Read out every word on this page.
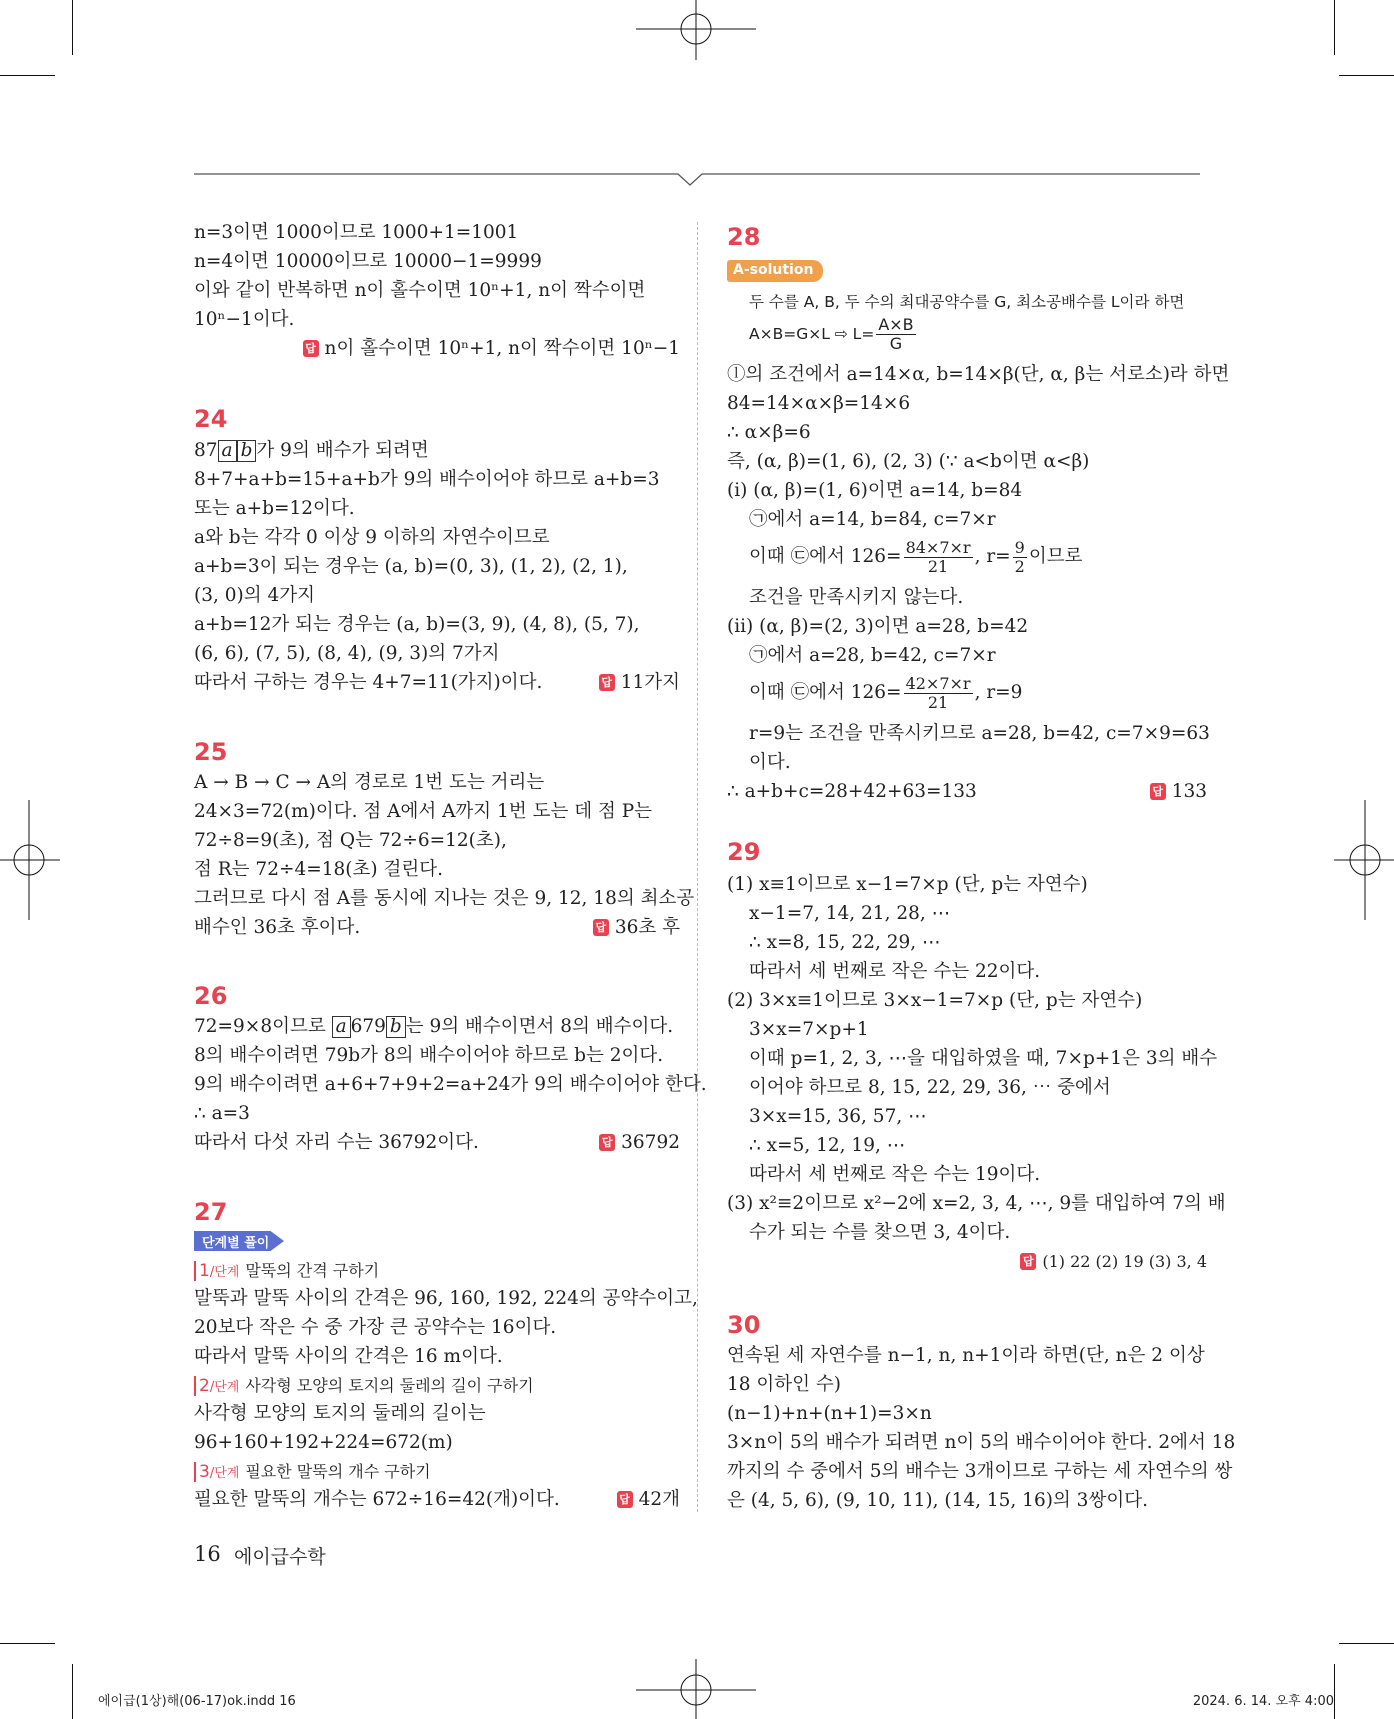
n=3이면 1000이므로 1000+1=1001
n=4이면 10000이므로 10000−1=9999
이와 같이 반복하면 n이 홀수이면 10ⁿ+1, n이 짝수이면
10ⁿ−1이다.
답 n이 홀수이면 10ⁿ+1, n이 짝수이면 10ⁿ−1
24
87 a b 가 9의 배수가 되려면
8+7+a+b=15+a+b가 9의 배수이어야 하므로 a+b=3
또는 a+b=12이다.
a와 b는 각각 0 이상 9 이하의 자연수이므로
a+b=3이 되는 경우는 (a, b)=(0, 3), (1, 2), (2, 1),
(3, 0)의 4가지
a+b=12가 되는 경우는 (a, b)=(3, 9), (4, 8), (5, 7),
(6, 6), (7, 5), (8, 4), (9, 3)의 7가지
따라서 구하는 경우는 4+7=11(가지)이다.	답 11가지
25
A → B → C → A의 경로로 1번 도는 거리는
24×3=72(m)이다. 점 A에서 A까지 1번 도는 데 점 P는
72÷8=9(초), 점 Q는 72÷6=12(초),
점 R는 72÷4=18(초) 걸린다.
그러므로 다시 점 A를 동시에 지나는 것은 9, 12, 18의 최소공
배수인 36초 후이다.	답 36초 후
26
72=9×8이므로 a 679 b 는 9의 배수이면서 8의 배수이다.
8의 배수이려면 79b가 8의 배수이어야 하므로 b는 2이다.
9의 배수이려면 a+6+7+9+2=a+24가 9의 배수이어야 한다.
∴ a=3
따라서 다섯 자리 수는 36792이다.	답 36792
27
단계별 풀이
1/단계 말뚝의 간격 구하기
말뚝과 말뚝 사이의 간격은 96, 160, 192, 224의 공약수이고,
20보다 작은 수 중 가장 큰 공약수는 16이다.
따라서 말뚝 사이의 간격은 16 m이다.
2/단계 사각형 모양의 토지의 둘레의 길이 구하기
사각형 모양의 토지의 둘레의 길이는
96+160+192+224=672(m)
3/단계 필요한 말뚝의 개수 구하기
필요한 말뚝의 개수는 672÷16=42(개)이다.	답 42개
16 에이급수학
28
A-solution
두 수를 A, B, 두 수의 최대공약수를 G, 최소공배수를 L이라 하면
A×B=G×L ⇨ $L= \frac{A\times B}{G}$
ⓛ의 조건에서 a=14×α, b=14×β(단, α, β는 서로소)라 하면
84=14×α×β=14×6
∴ α×β=6
즉, (α, β)=(1, 6), (2, 3) (∵ a<b이면 α<β)
(ⅰ) (α, β)=(1, 6)이면 a=14, b=84
㉠에서 a=14, b=84, c=7×r
이때 ㉢에서 $126= \frac{84\times 7\times r}{21}$ , $r= \frac{9}{2}$ 이므로
조건을 만족시키지 않는다.
(ⅱ) (α, β)=(2, 3)이면 a=28, b=42
㉠에서 a=28, b=42, c=7×r
이때 ㉢에서 $126= \frac{42\times 7\times r}{21}$ , r=9
r=9는 조건을 만족시키므로 a=28, b=42, c=7×9=63
이다.
∴ a+b+c=28+42+63=133	답 133
29
(1) x≡1이므로 x−1=7×p (단, p는 자연수)
x−1=7, 14, 21, 28, ⋯
∴ x=8, 15, 22, 29, ⋯
따라서 세 번째로 작은 수는 22이다.
(2) 3×x≡1이므로 3×x−1=7×p (단, p는 자연수)
3×x=7×p+1
이때 p=1, 2, 3, ⋯을 대입하였을 때, 7×p+1은 3의 배수
이어야 하므로 8, 15, 22, 29, 36, ⋯ 중에서
3×x=15, 36, 57, ⋯
∴ x=5, 12, 19, ⋯
따라서 세 번째로 작은 수는 19이다.
(3) x²≡2이므로 x²−2에 x=2, 3, 4, ⋯, 9를 대입하여 7의 배
수가 되는 수를 찾으면 3, 4이다.
답 (1) 22 (2) 19 (3) 3, 4
30
연속된 세 자연수를 n−1, n, n+1이라 하면(단, n은 2 이상
18 이하인 수)
(n−1)+n+(n+1)=3×n
3×n이 5의 배수가 되려면 n이 5의 배수이어야 한다. 2에서 18
까지의 수 중에서 5의 배수는 3개이므로 구하는 세 자연수의 쌍
은 (4, 5, 6), (9, 10, 11), (14, 15, 16)의 3쌍이다.
에이급(1상)해(06-17)ok.indd 16	2024. 6. 14. 오후 4:00
